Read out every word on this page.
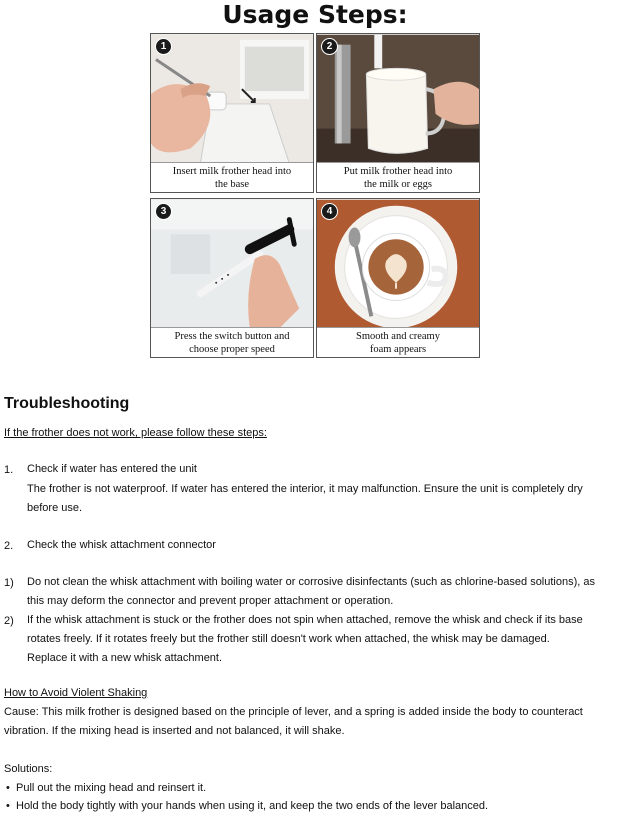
Usage Steps:
1
Insert milk frother head into
the base
2
Put milk frother head into
the milk or eggs
3
Press the switch button and
choose proper speed
4
Smooth and creamy
foam appears
Troubleshooting
If the frother does not work, please follow these steps:
1. Check if water has entered the unit
The frother is not waterproof. If water has entered the interior, it may malfunction. Ensure the unit is completely dry
before use.
2. Check the whisk attachment connector
1) Do not clean the whisk attachment with boiling water or corrosive disinfectants (such as chlorine-based solutions), as
this may deform the connector and prevent proper attachment or operation.
2) If the whisk attachment is stuck or the frother does not spin when attached, remove the whisk and check if its base
rotates freely. If it rotates freely but the frother still doesn't work when attached, the whisk may be damaged.
Replace it with a new whisk attachment.
How to Avoid Violent Shaking
Cause: This milk frother is designed based on the principle of lever, and a spring is added inside the body to counteract
vibration. If the mixing head is inserted and not balanced, it will shake.
Solutions:
• Pull out the mixing head and reinsert it.
• Hold the body tightly with your hands when using it, and keep the two ends of the lever balanced.
